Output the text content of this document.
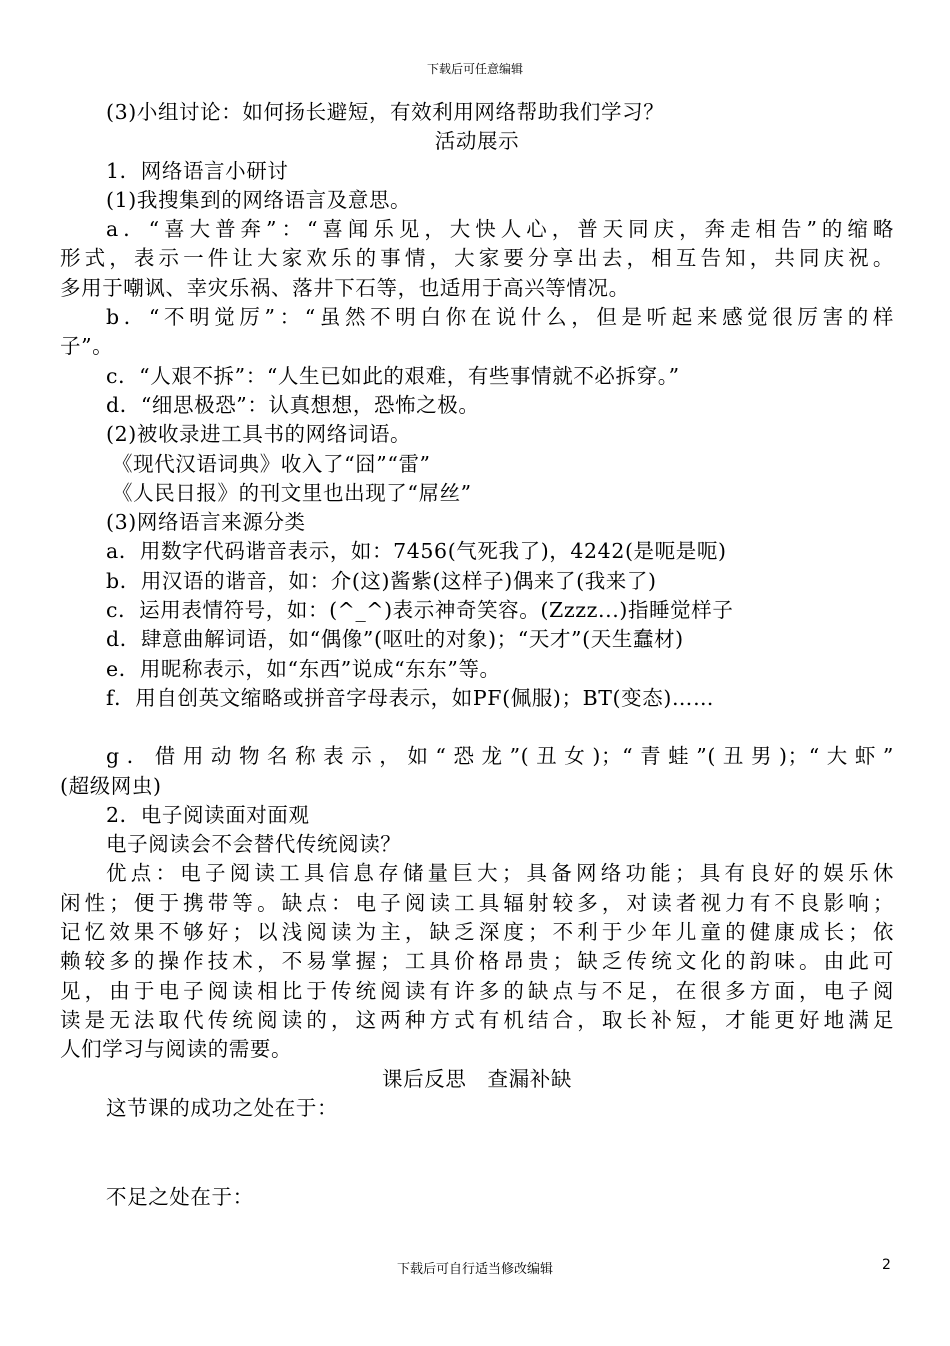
下载后可任意编辑

(3)小组讨论：如何扬长避短，有效利用网络帮助我们学习？

活动展示

1．网络语言小研讨

(1)我搜集到的网络语言及意思。

a．“喜大普奔”：“喜闻乐见，大快人心，普天同庆，奔走相告”的缩略

形式，表示一件让大家欢乐的事情，大家要分享出去，相互告知，共同庆祝。

多用于嘲讽、幸灾乐祸、落井下石等，也适用于高兴等情况。

b．“不明觉厉”：“虽然不明白你在说什么，但是听起来感觉很厉害的样

子”。

c．“人艰不拆”：“人生已如此的艰难，有些事情就不必拆穿。”

d．“细思极恐”：认真想想，恐怖之极。

(2)被收录进工具书的网络词语。

《现代汉语词典》收入了“囧”“雷”

《人民日报》的刊文里也出现了“屌丝”

(3)网络语言来源分类

a．用数字代码谐音表示，如：7456(气死我了)，4242(是呃是呃)

b．用汉语的谐音，如：介(这)酱紫(这样子)偶来了(我来了)

c．运用表情符号，如：(^_^)表示神奇笑容。(Zzzz...)指睡觉样子

d．肆意曲解词语，如“偶像”(呕吐的对象)；“天才”(天生蠢材)

e．用昵称表示，如“东西”说成“东东”等。

f．用自创英文缩略或拼音字母表示，如PF(佩服)；BT(变态)……

g．借用动物名称表示，如“恐龙”(丑女)；“青蛙”(丑男)；“大虾”

(超级网虫)

2．电子阅读面对面观

电子阅读会不会替代传统阅读？

优点：电子阅读工具信息存储量巨大；具备网络功能；具有良好的娱乐休

闲性；便于携带等。缺点：电子阅读工具辐射较多，对读者视力有不良影响；

记忆效果不够好；以浅阅读为主，缺乏深度；不利于少年儿童的健康成长；依

赖较多的操作技术，不易掌握；工具价格昂贵；缺乏传统文化的韵味。由此可

见，由于电子阅读相比于传统阅读有许多的缺点与不足，在很多方面，电子阅

读是无法取代传统阅读的，这两种方式有机结合，取长补短，才能更好地满足

人们学习与阅读的需要。

课后反思　查漏补缺

这节课的成功之处在于：

不足之处在于：

下载后可自行适当修改编辑	2
